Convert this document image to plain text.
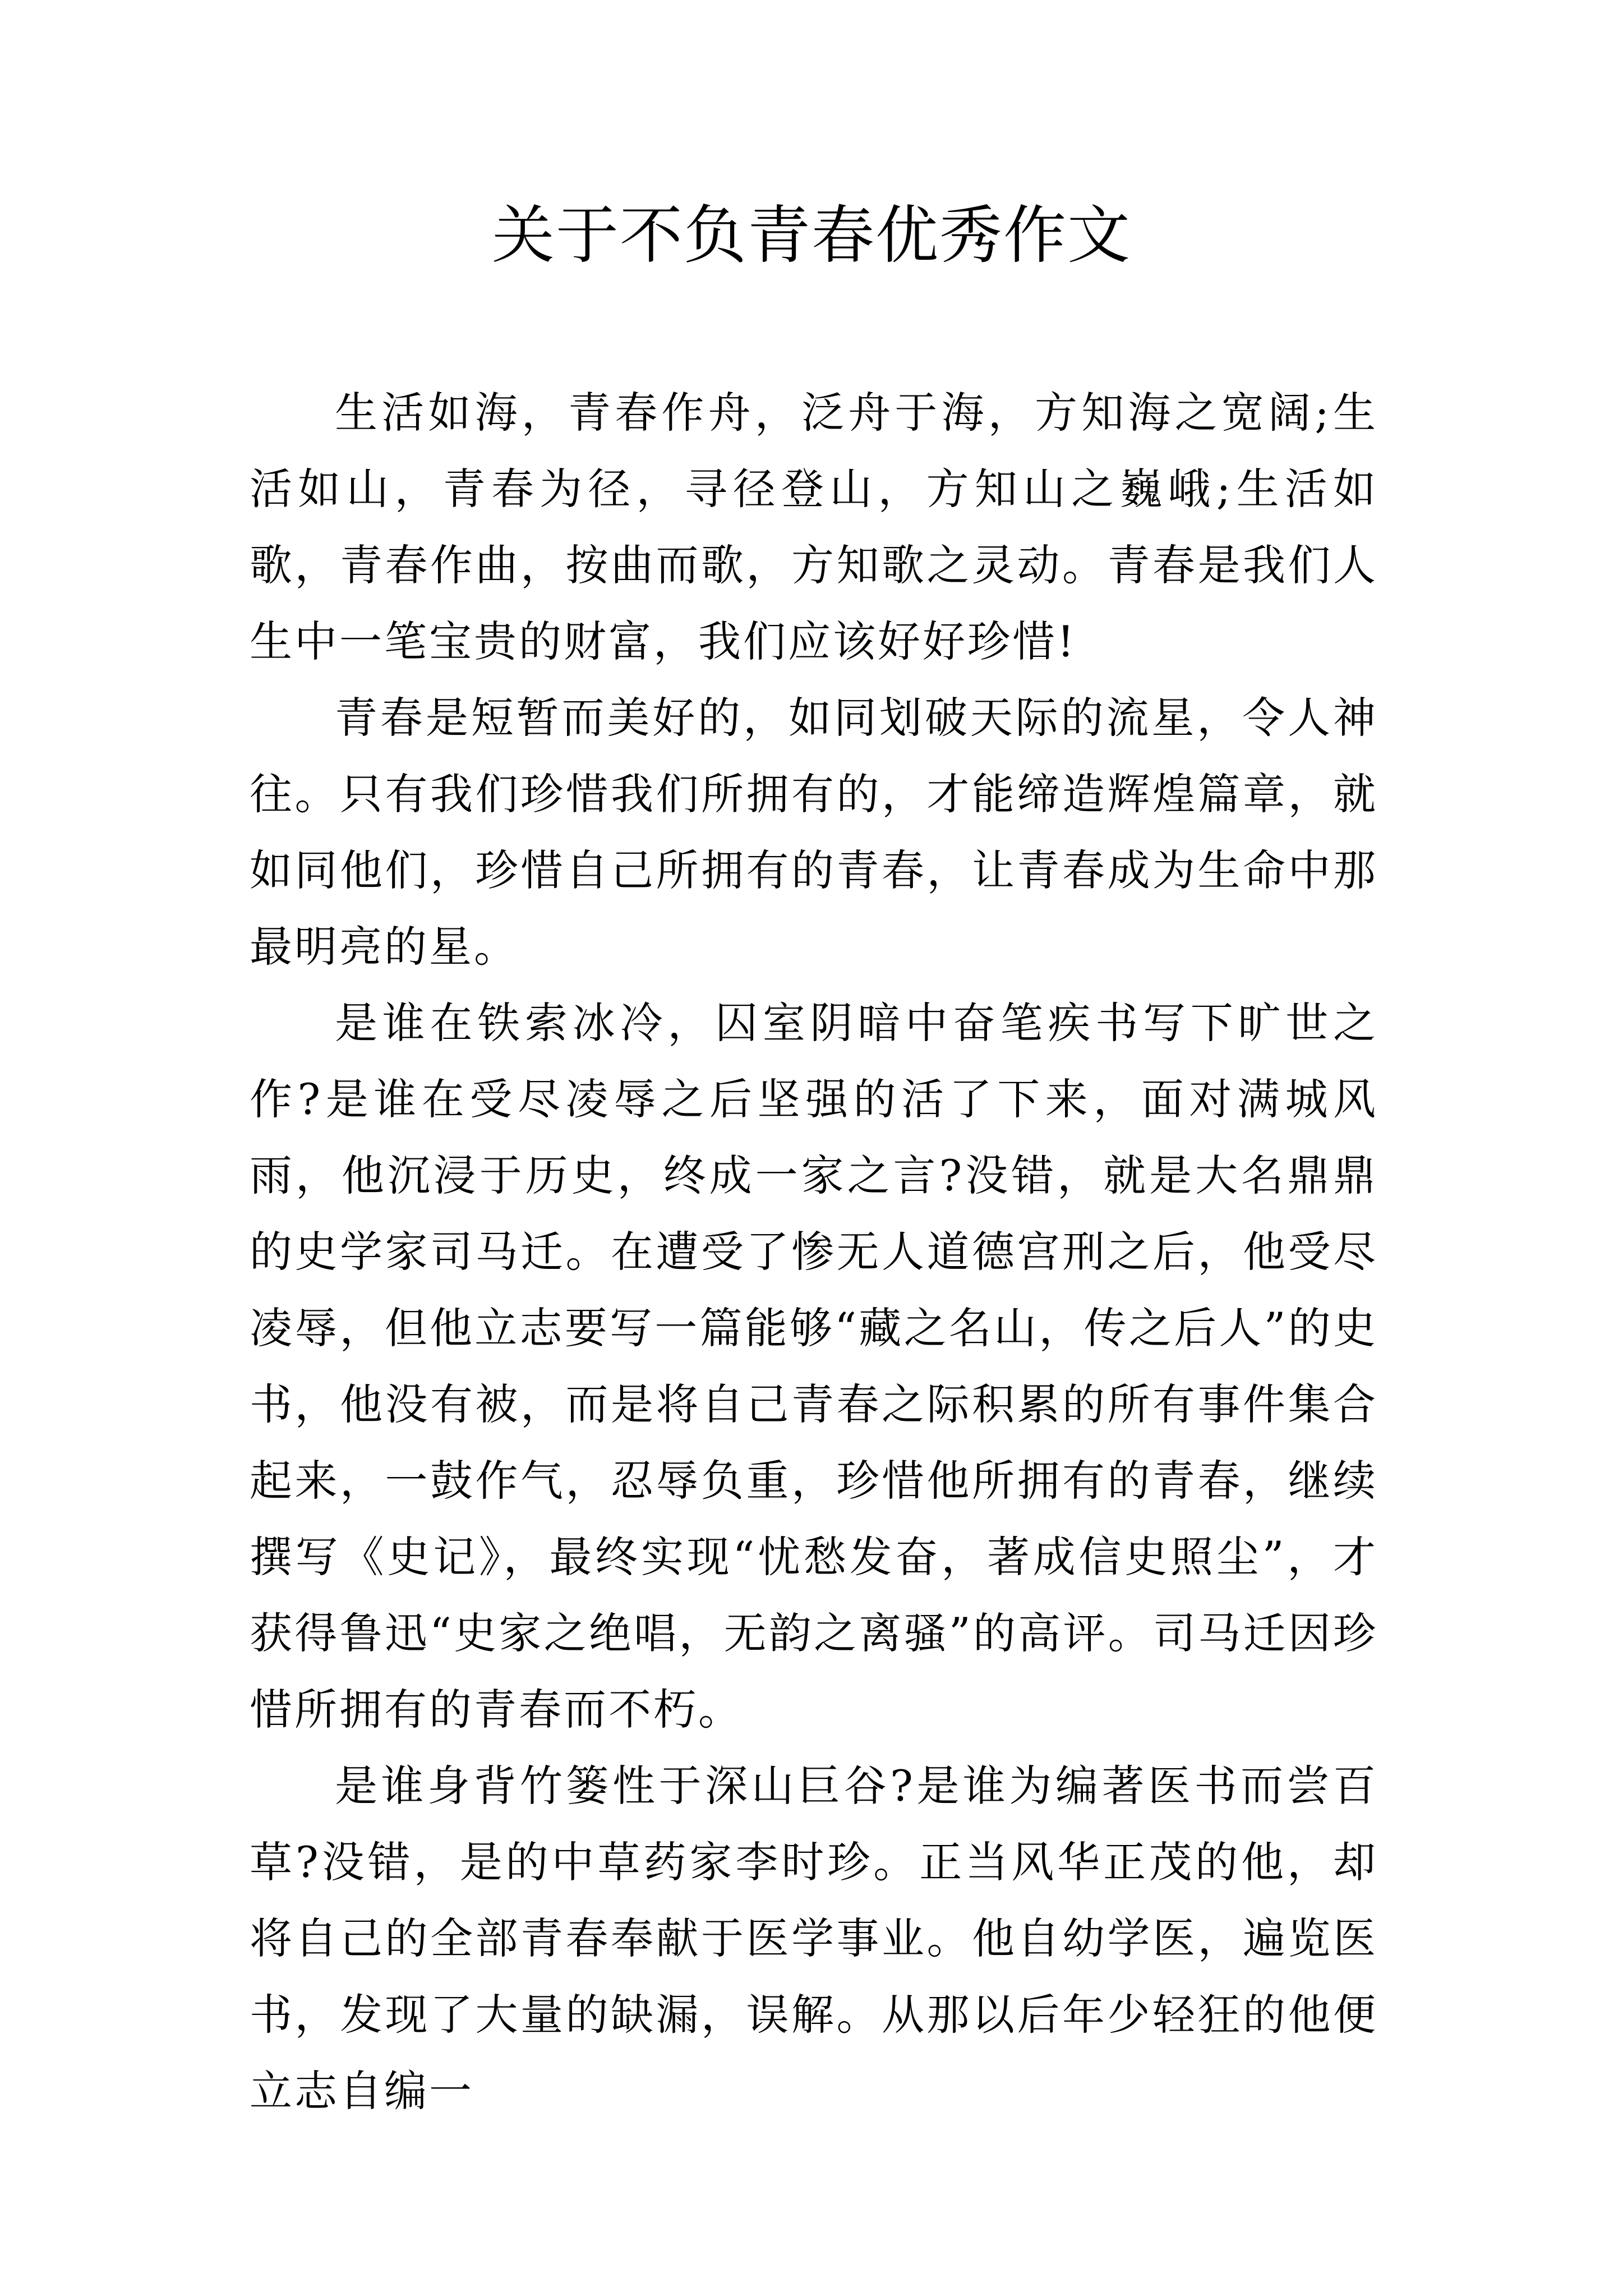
关于不负青春优秀作文

生活如海，青春作舟，泛舟于海，方知海之宽阔;生活如山，青春为径，寻径登山，方知山之巍峨;生活如歌，青春作曲，按曲而歌，方知歌之灵动。青春是我们人生中一笔宝贵的财富，我们应该好好珍惜!

青春是短暂而美好的，如同划破天际的流星，令人神往。只有我们珍惜我们所拥有的，才能缔造辉煌篇章，就如同他们，珍惜自己所拥有的青春，让青春成为生命中那最明亮的星。

是谁在铁索冰冷，囚室阴暗中奋笔疾书写下旷世之作?是谁在受尽凌辱之后坚强的活了下来，面对满城风雨，他沉浸于历史，终成一家之言?没错，就是大名鼎鼎的史学家司马迁。在遭受了惨无人道德宫刑之后，他受尽凌辱，但他立志要写一篇能够“藏之名山，传之后人”的史书，他没有被，而是将自己青春之际积累的所有事件集合起来，一鼓作气，忍辱负重，珍惜他所拥有的青春，继续撰写《史记》，最终实现“忧愁发奋，著成信史照尘”，才获得鲁迅“史家之绝唱，无韵之离骚”的高评。司马迁因珍惜所拥有的青春而不朽。

是谁身背竹篓性于深山巨谷?是谁为编著医书而尝百草?没错，是的中草药家李时珍。正当风华正茂的他，却将自己的全部青春奉献于医学事业。他自幼学医，遍览医书，发现了大量的缺漏，误解。从那以后年少轻狂的他便立志自编一
